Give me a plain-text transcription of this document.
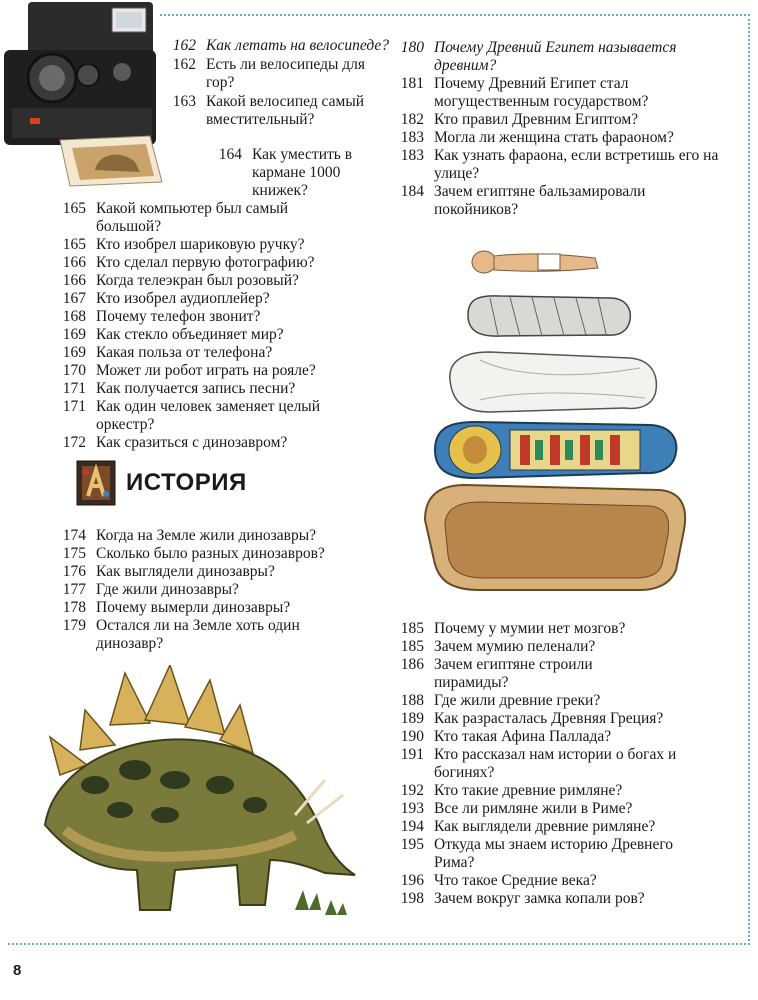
162 Как летать на велосипеде?
162 Есть ли велосипеды для гор?
163 Какой велосипед самый вместительный?
164 Как уместить в кармане 1000 книжек?
165 Какой компьютер был самый большой?
165 Кто изобрел шариковую ручку?
166 Кто сделал первую фотографию?
166 Когда телеэкран был розовый?
167 Кто изобрел аудиоплейер?
168 Почему телефон звонит?
169 Как стекло объединяет мир?
169 Какая польза от телефона?
170 Может ли робот играть на рояле?
171 Как получается запись песни?
171 Как один человек заменяет целый оркестр?
172 Как сразиться с динозавром?
ИСТОРИЯ
174 Когда на Земле жили динозавры?
175 Сколько было разных динозавров?
176 Как выглядели динозавры?
177 Где жили динозавры?
178 Почему вымерли динозавры?
179 Остался ли на Земле хоть один динозавр?
180 Почему Древний Египет называется древним?
181 Почему Древний Египет стал могущественным государством?
182 Кто правил Древним Египтом?
183 Могла ли женщина стать фараоном?
183 Как узнать фараона, если встретишь его на улице?
184 Зачем египтяне бальзамировали покойников?
185 Почему у мумии нет мозгов?
185 Зачем мумию пеленали?
186 Зачем египтяне строили пирамиды?
188 Где жили древние греки?
189 Как разрасталась Древняя Греция?
190 Кто такая Афина Паллада?
191 Кто рассказал нам истории о богах и богинях?
192 Кто такие древние римляне?
193 Все ли римляне жили в Риме?
194 Как выглядели древние римляне?
195 Откуда мы знаем историю Древнего Рима?
196 Что такое Средние века?
198 Зачем вокруг замка копали ров?
8
